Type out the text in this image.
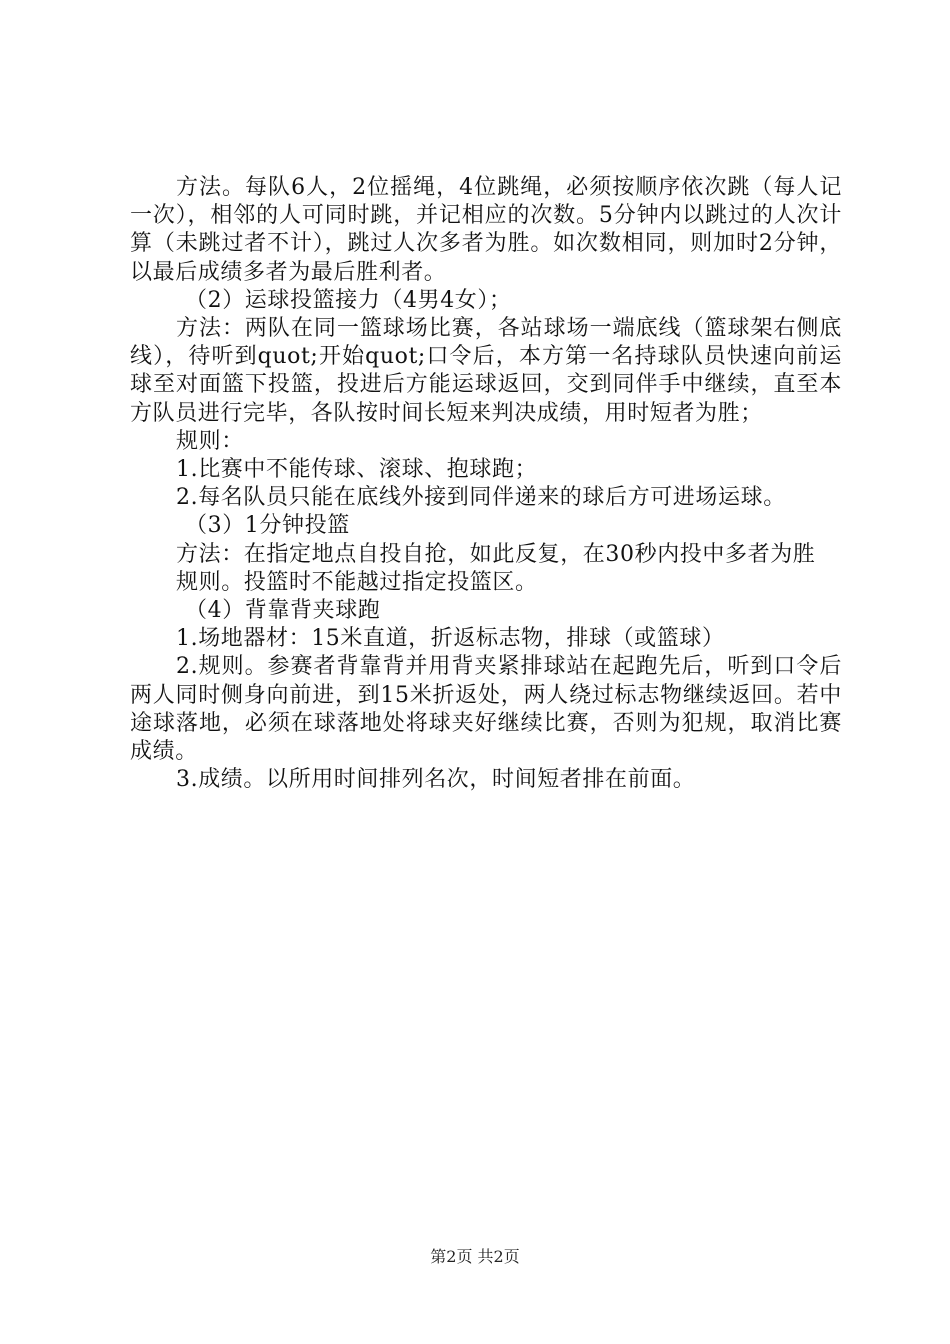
方法。每队6人，2位摇绳，4位跳绳，必须按顺序依次跳（每人记一次），相邻的人可同时跳，并记相应的次数。5分钟内以跳过的人次计算（未跳过者不计），跳过人次多者为胜。如次数相同，则加时2分钟，以最后成绩多者为最后胜利者。

（2）运球投篮接力（4男4女）；

方法：两队在同一篮球场比赛，各站球场一端底线（篮球架右侧底线），待听到quot;开始quot;口令后，本方第一名持球队员快速向前运球至对面篮下投篮，投进后方能运球返回，交到同伴手中继续，直至本方队员进行完毕，各队按时间长短来判决成绩，用时短者为胜；

规则：

1.比赛中不能传球、滚球、抱球跑；

2.每名队员只能在底线外接到同伴递来的球后方可进场运球。

（3）1分钟投篮

方法：在指定地点自投自抢，如此反复，在30秒内投中多者为胜

规则。投篮时不能越过指定投篮区。

（4）背靠背夹球跑

1.场地器材：15米直道，折返标志物，排球（或篮球）

2.规则。参赛者背靠背并用背夹紧排球站在起跑先后，听到口令后两人同时侧身向前进，到15米折返处，两人绕过标志物继续返回。若中途球落地，必须在球落地处将球夹好继续比赛，否则为犯规，取消比赛成绩。

3.成绩。以所用时间排列名次，时间短者排在前面。

第2页 共2页
